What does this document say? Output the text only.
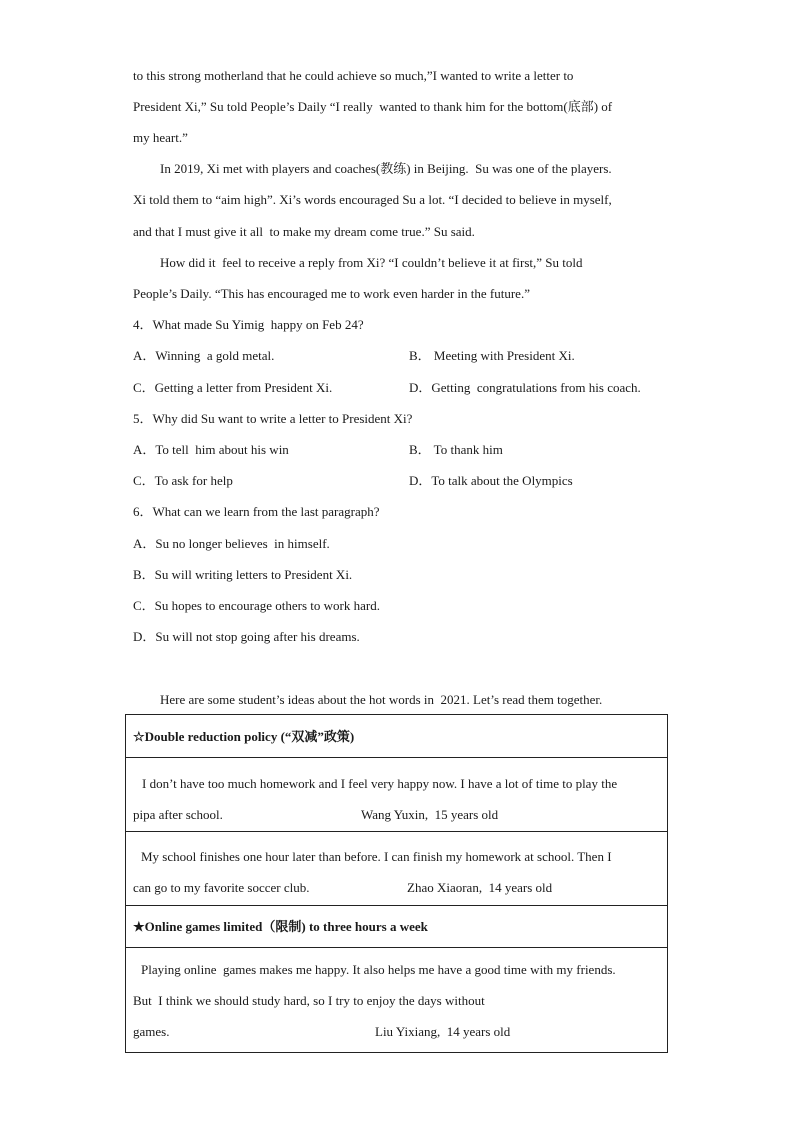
to this strong motherland that he could achieve so much,”I wanted to write a letter to
President Xi,” Su told People’s Daily “I really  wanted to thank him for the bottom(底部) of
my heart.”
In 2019, Xi met with players and coaches(教练) in Beijing.  Su was one of the players.
Xi told them to “aim high”. Xi’s words encouraged Su a lot. “I decided to believe in myself,
and that I must give it all  to make my dream come true.” Su said.
How did it  feel to receive a reply from Xi? “I couldn’t believe it at first,” Su told
People’s Daily. “This has encouraged me to work even harder in the future.”
4．What made Su Yimig  happy on Feb 24?
A．Winning  a gold metal.	B． Meeting with President Xi.
C．Getting a letter from President Xi.	D．Getting  congratulations from his coach.
5．Why did Su want to write a letter to President Xi?
A．To tell  him about his win	B． To thank him
C．To ask for help	D．To talk about the Olympics
6．What can we learn from the last paragraph?
A．Su no longer believes  in himself.
B．Su will writing letters to President Xi.
C．Su hopes to encourage others to work hard.
D．Su will not stop going after his dreams.
Here are some student’s ideas about the hot words in  2021. Let’s read them together.
☆Double reduction policy (“双减”政策)
I don’t have too much homework and I feel very happy now. I have a lot of time to play the
pipa after school.	Wang Yuxin,  15 years old
My school finishes one hour later than before. I can finish my homework at school. Then I
can go to my favorite soccer club.	Zhao Xiaoran,  14 years old
★Online games limited（限制) to three hours a week
Playing online  games makes me happy. It also helps me have a good time with my friends.
But  I think we should study hard, so I try to enjoy the days without
games.	Liu Yixiang,  14 years old
